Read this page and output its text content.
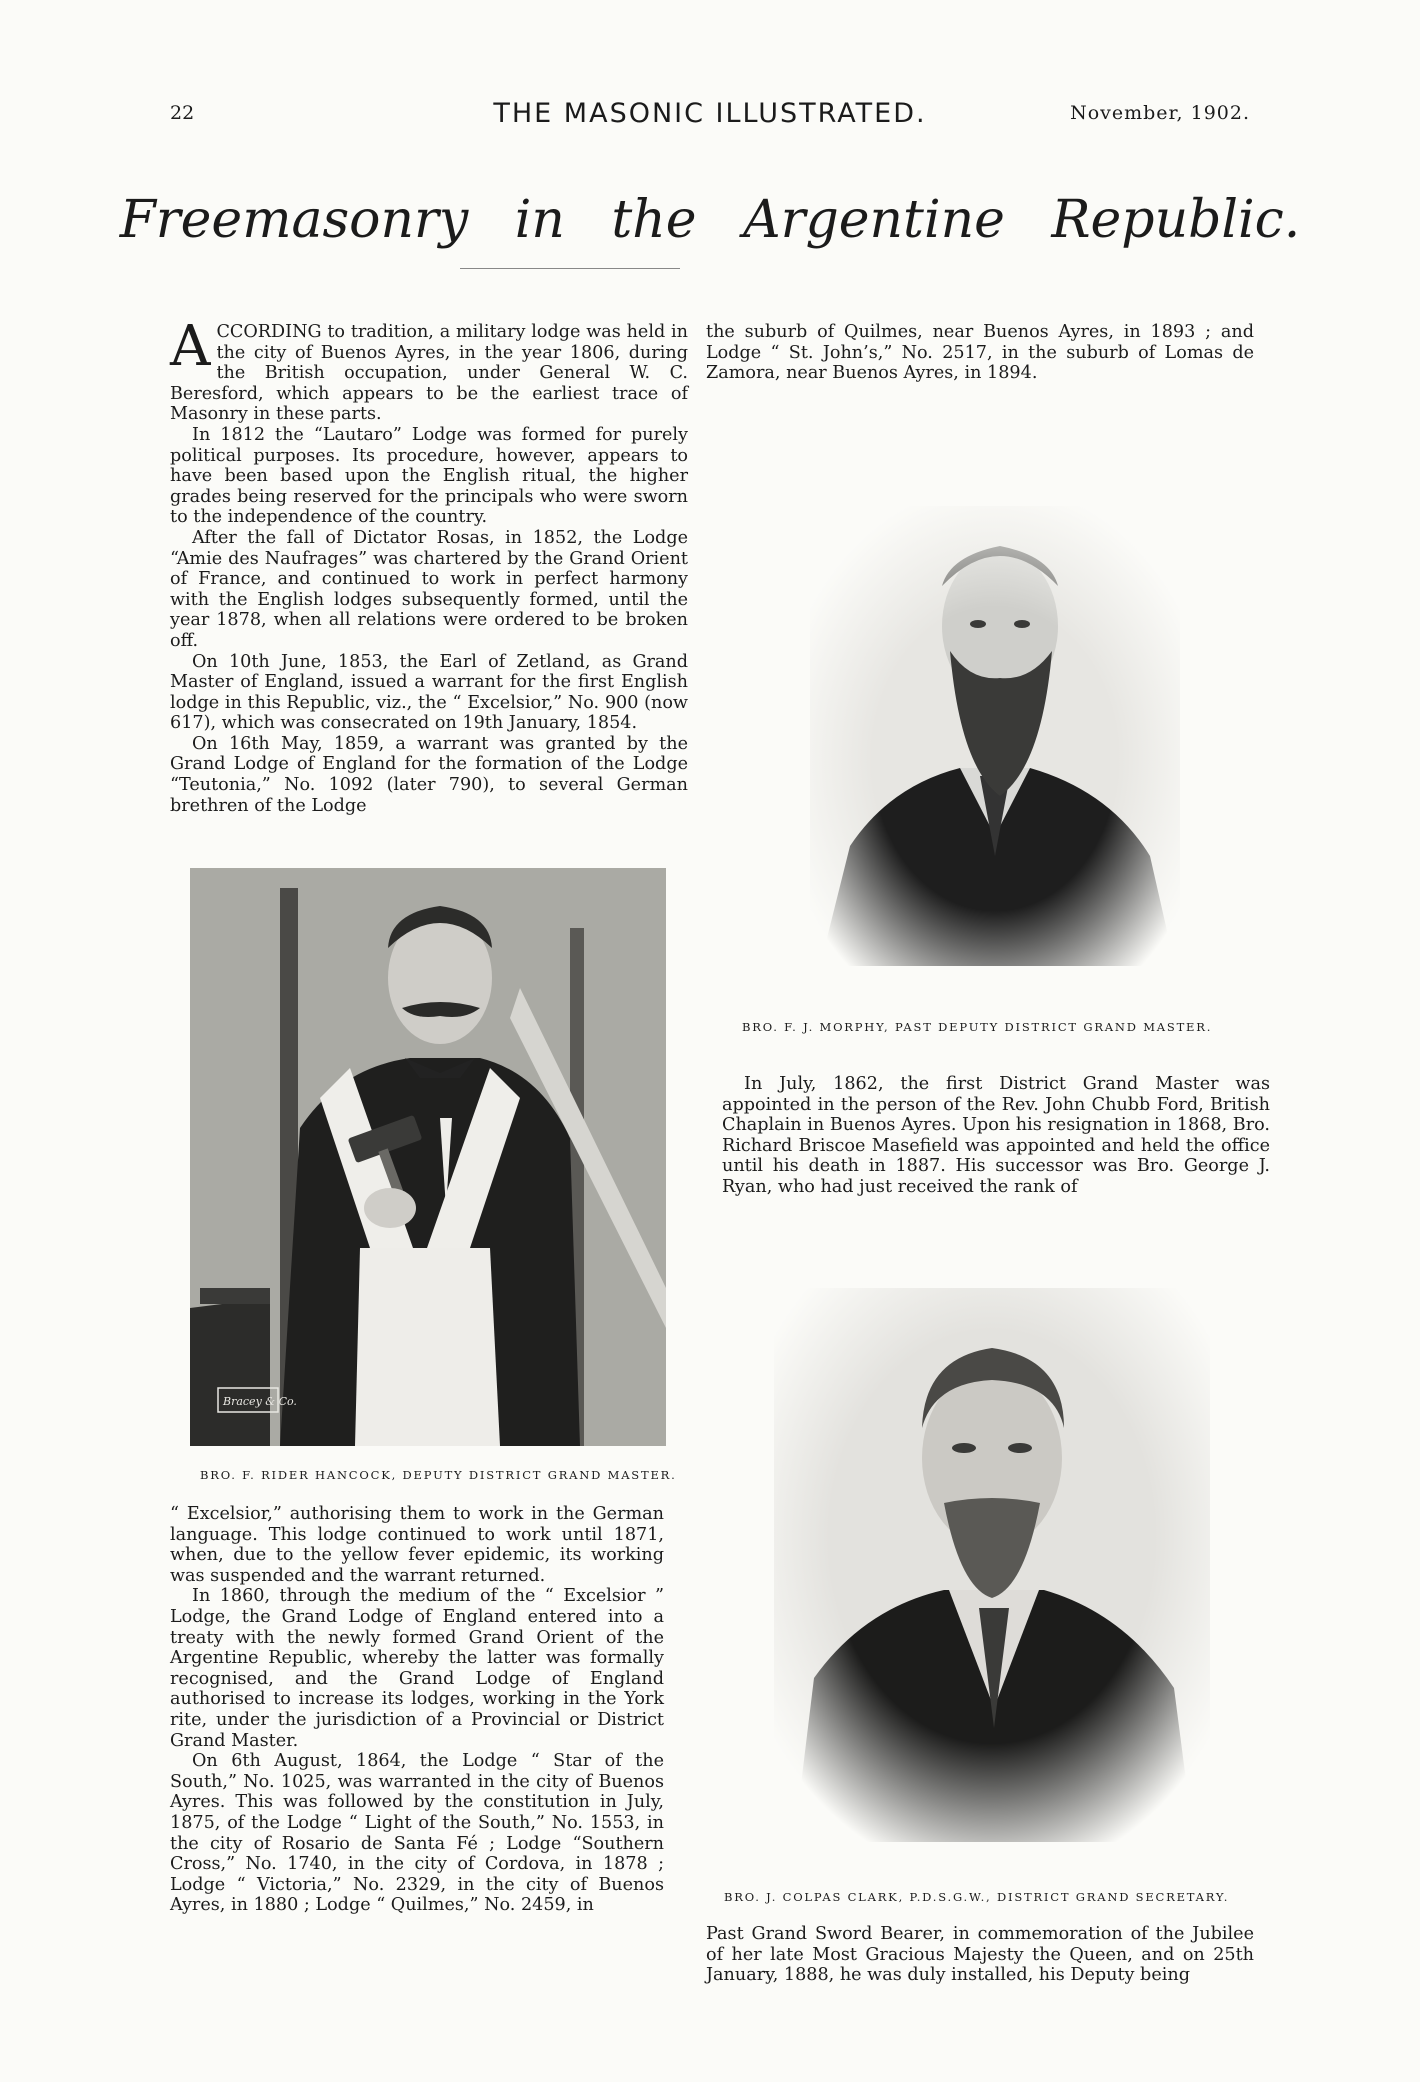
22	THE MASONIC ILLUSTRATED.	November, 1902.
Freemasonry in the Argentine Republic.

ACCORDING to tradition, a military lodge was held in the city of Buenos Ayres, in the year 1806, during the British occupation, under General W. C. Beresford, which appears to be the earliest trace of Masonry in these parts.

In 1812 the “Lautaro” Lodge was formed for purely political purposes. Its procedure, however, appears to have been based upon the English ritual, the higher grades being reserved for the principals who were sworn to the independence of the country.

After the fall of Dictator Rosas, in 1852, the Lodge “Amie des Naufrages” was chartered by the Grand Orient of France, and continued to work in perfect harmony with the English lodges subsequently formed, until the year 1878, when all relations were ordered to be broken off.

On 10th June, 1853, the Earl of Zetland, as Grand Master of England, issued a warrant for the first English lodge in this Republic, viz., the “ Excelsior,” No. 900 (now 617), which was consecrated on 19th January, 1854.

On 16th May, 1859, a warrant was granted by the Grand Lodge of England for the formation of the Lodge “Teutonia,” No. 1092 (later 790), to several German brethren of the Lodge

the suburb of Quilmes, near Buenos Ayres, in 1893 ; and Lodge “ St. John’s,” No. 2517, in the suburb of Lomas de Zamora, near Buenos Ayres, in 1894.

BRO. F. J. MORPHY, PAST DEPUTY DISTRICT GRAND MASTER.

In July, 1862, the first District Grand Master was appointed in the person of the Rev. John Chubb Ford, British Chaplain in Buenos Ayres. Upon his resignation in 1868, Bro. Richard Briscoe Masefield was appointed and held the office until his death in 1887. His successor was Bro. George J. Ryan, who had just received the rank of

Bracey & Co.
BRO. F. RIDER HANCOCK, DEPUTY DISTRICT GRAND MASTER.

“ Excelsior,” authorising them to work in the German language. This lodge continued to work until 1871, when, due to the yellow fever epidemic, its working was suspended and the warrant returned.

In 1860, through the medium of the “ Excelsior ” Lodge, the Grand Lodge of England entered into a treaty with the newly formed Grand Orient of the Argentine Republic, whereby the latter was formally recognised, and the Grand Lodge of England authorised to increase its lodges, working in the York rite, under the jurisdiction of a Provincial or District Grand Master.

On 6th August, 1864, the Lodge “ Star of the South,” No. 1025, was warranted in the city of Buenos Ayres. This was followed by the constitution in July, 1875, of the Lodge “ Light of the South,” No. 1553, in the city of Rosario de Santa Fé ; Lodge “Southern Cross,” No. 1740, in the city of Cordova, in 1878 ; Lodge “ Victoria,” No. 2329, in the city of Buenos Ayres, in 1880 ; Lodge “ Quilmes,” No. 2459, in	BRO. J. COLPAS CLARK, P.D.S.G.W., DISTRICT GRAND SECRETARY.

Past Grand Sword Bearer, in commemoration of the Jubilee of her late Most Gracious Majesty the Queen, and on 25th January, 1888, he was duly installed, his Deputy being
